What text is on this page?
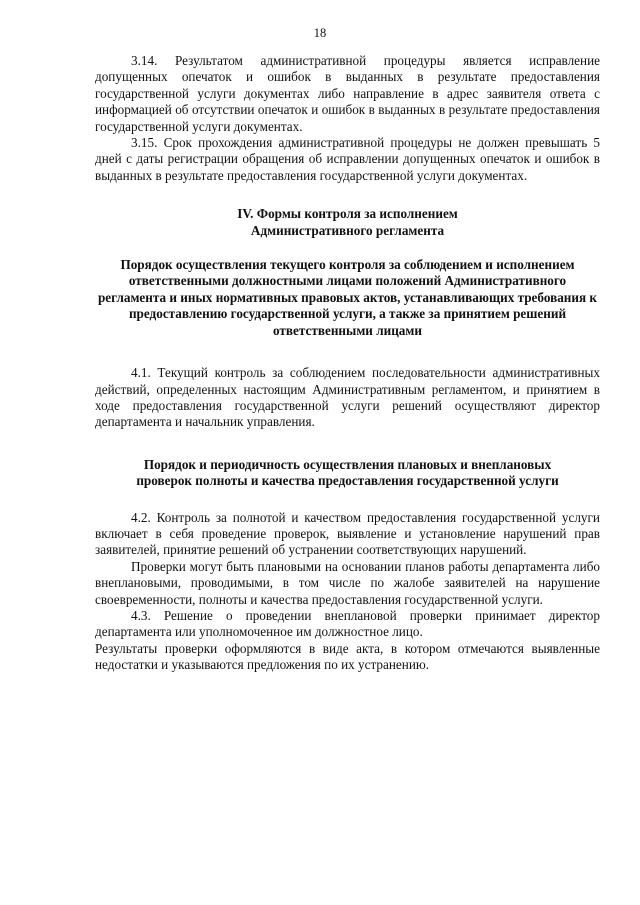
18

3.14. Результатом административной процедуры является исправление допущенных опечаток и ошибок в выданных в результате предоставления государственной услуги документах либо направление в адрес заявителя ответа с информацией об отсутствии опечаток и ошибок в выданных в результате предоставления государственной услуги документах.

3.15. Срок прохождения административной процедуры не должен превышать 5 дней с даты регистрации обращения об исправлении допущенных опечаток и ошибок в выданных в результате предоставления государственной услуги документах.

IV. Формы контроля за исполнением Административного регламента

Порядок осуществления текущего контроля за соблюдением и исполнением ответственными должностными лицами положений Административного регламента и иных нормативных правовых актов, устанавливающих требования к предоставлению государственной услуги, а также за принятием решений ответственными лицами

4.1. Текущий контроль за соблюдением последовательности административных действий, определенных настоящим Административным регламентом, и принятием в ходе предоставления государственной услуги решений осуществляют директор департамента и начальник управления.

Порядок и периодичность осуществления плановых и внеплановых проверок полноты и качества предоставления государственной услуги

4.2. Контроль за полнотой и качеством предоставления государственной услуги включает в себя проведение проверок, выявление и установление нарушений прав заявителей, принятие решений об устранении соответствующих нарушений.

Проверки могут быть плановыми на основании планов работы департамента либо внеплановыми, проводимыми, в том числе по жалобе заявителей на нарушение своевременности, полноты и качества предоставления государственной услуги.

4.3. Решение о проведении внеплановой проверки принимает директор департамента или уполномоченное им должностное лицо.

Результаты проверки оформляются в виде акта, в котором отмечаются выявленные недостатки и указываются предложения по их устранению.
